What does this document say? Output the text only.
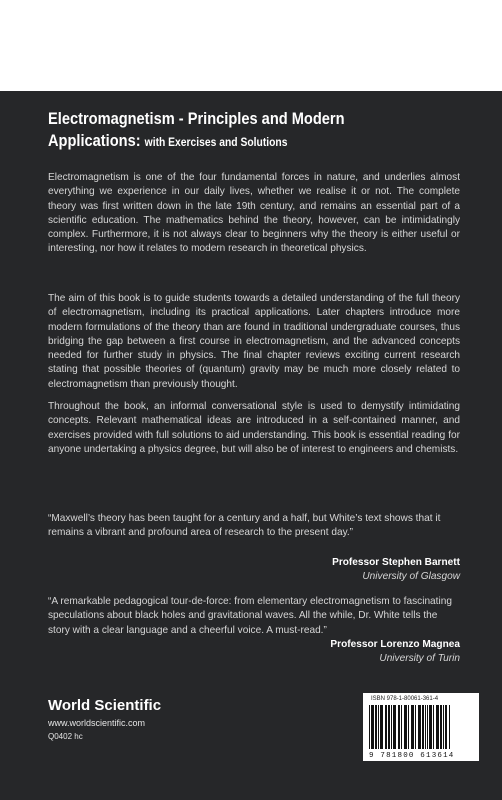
Electromagnetism - Principles and Modern
Applications: with Exercises and Solutions
Electromagnetism is one of the four fundamental forces in nature, and underlies almost everything we experience in our daily lives, whether we realise it or not. The complete theory was first written down in the late 19th century, and remains an essential part of a scientific education. The mathematics behind the theory, however, can be intimidatingly complex. Furthermore, it is not always clear to beginners why the theory is either useful or interesting, nor how it relates to modern research in theoretical physics.
The aim of this book is to guide students towards a detailed understanding of the full theory of electromagnetism, including its practical applications. Later chapters introduce more modern formulations of the theory than are found in traditional undergraduate courses, thus bridging the gap between a first course in electromagnetism, and the advanced concepts needed for further study in physics. The final chapter reviews exciting current research stating that possible theories of (quantum) gravity may be much more closely related to electromagnetism than previously thought.
Throughout the book, an informal conversational style is used to demystify intimidating concepts. Relevant mathematical ideas are introduced in a self-contained manner, and exercises provided with full solutions to aid understanding. This book is essential reading for anyone undertaking a physics degree, but will also be of interest to engineers and chemists.
“Maxwell’s theory has been taught for a century and a half, but White’s text shows that it remains a vibrant and profound area of research to the present day.”
Professor Stephen Barnett
University of Glasgow
“A remarkable pedagogical tour-de-force: from elementary electromagnetism to fascinating speculations about black holes and gravitational waves. All the while, Dr. White tells the story with a clear language and a cheerful voice. A must-read.”
Professor Lorenzo Magnea
University of Turin
World Scientific
www.worldscientific.com
Q0402 hc
ISBN 978-1-80061-361-4
9 781800 613614
